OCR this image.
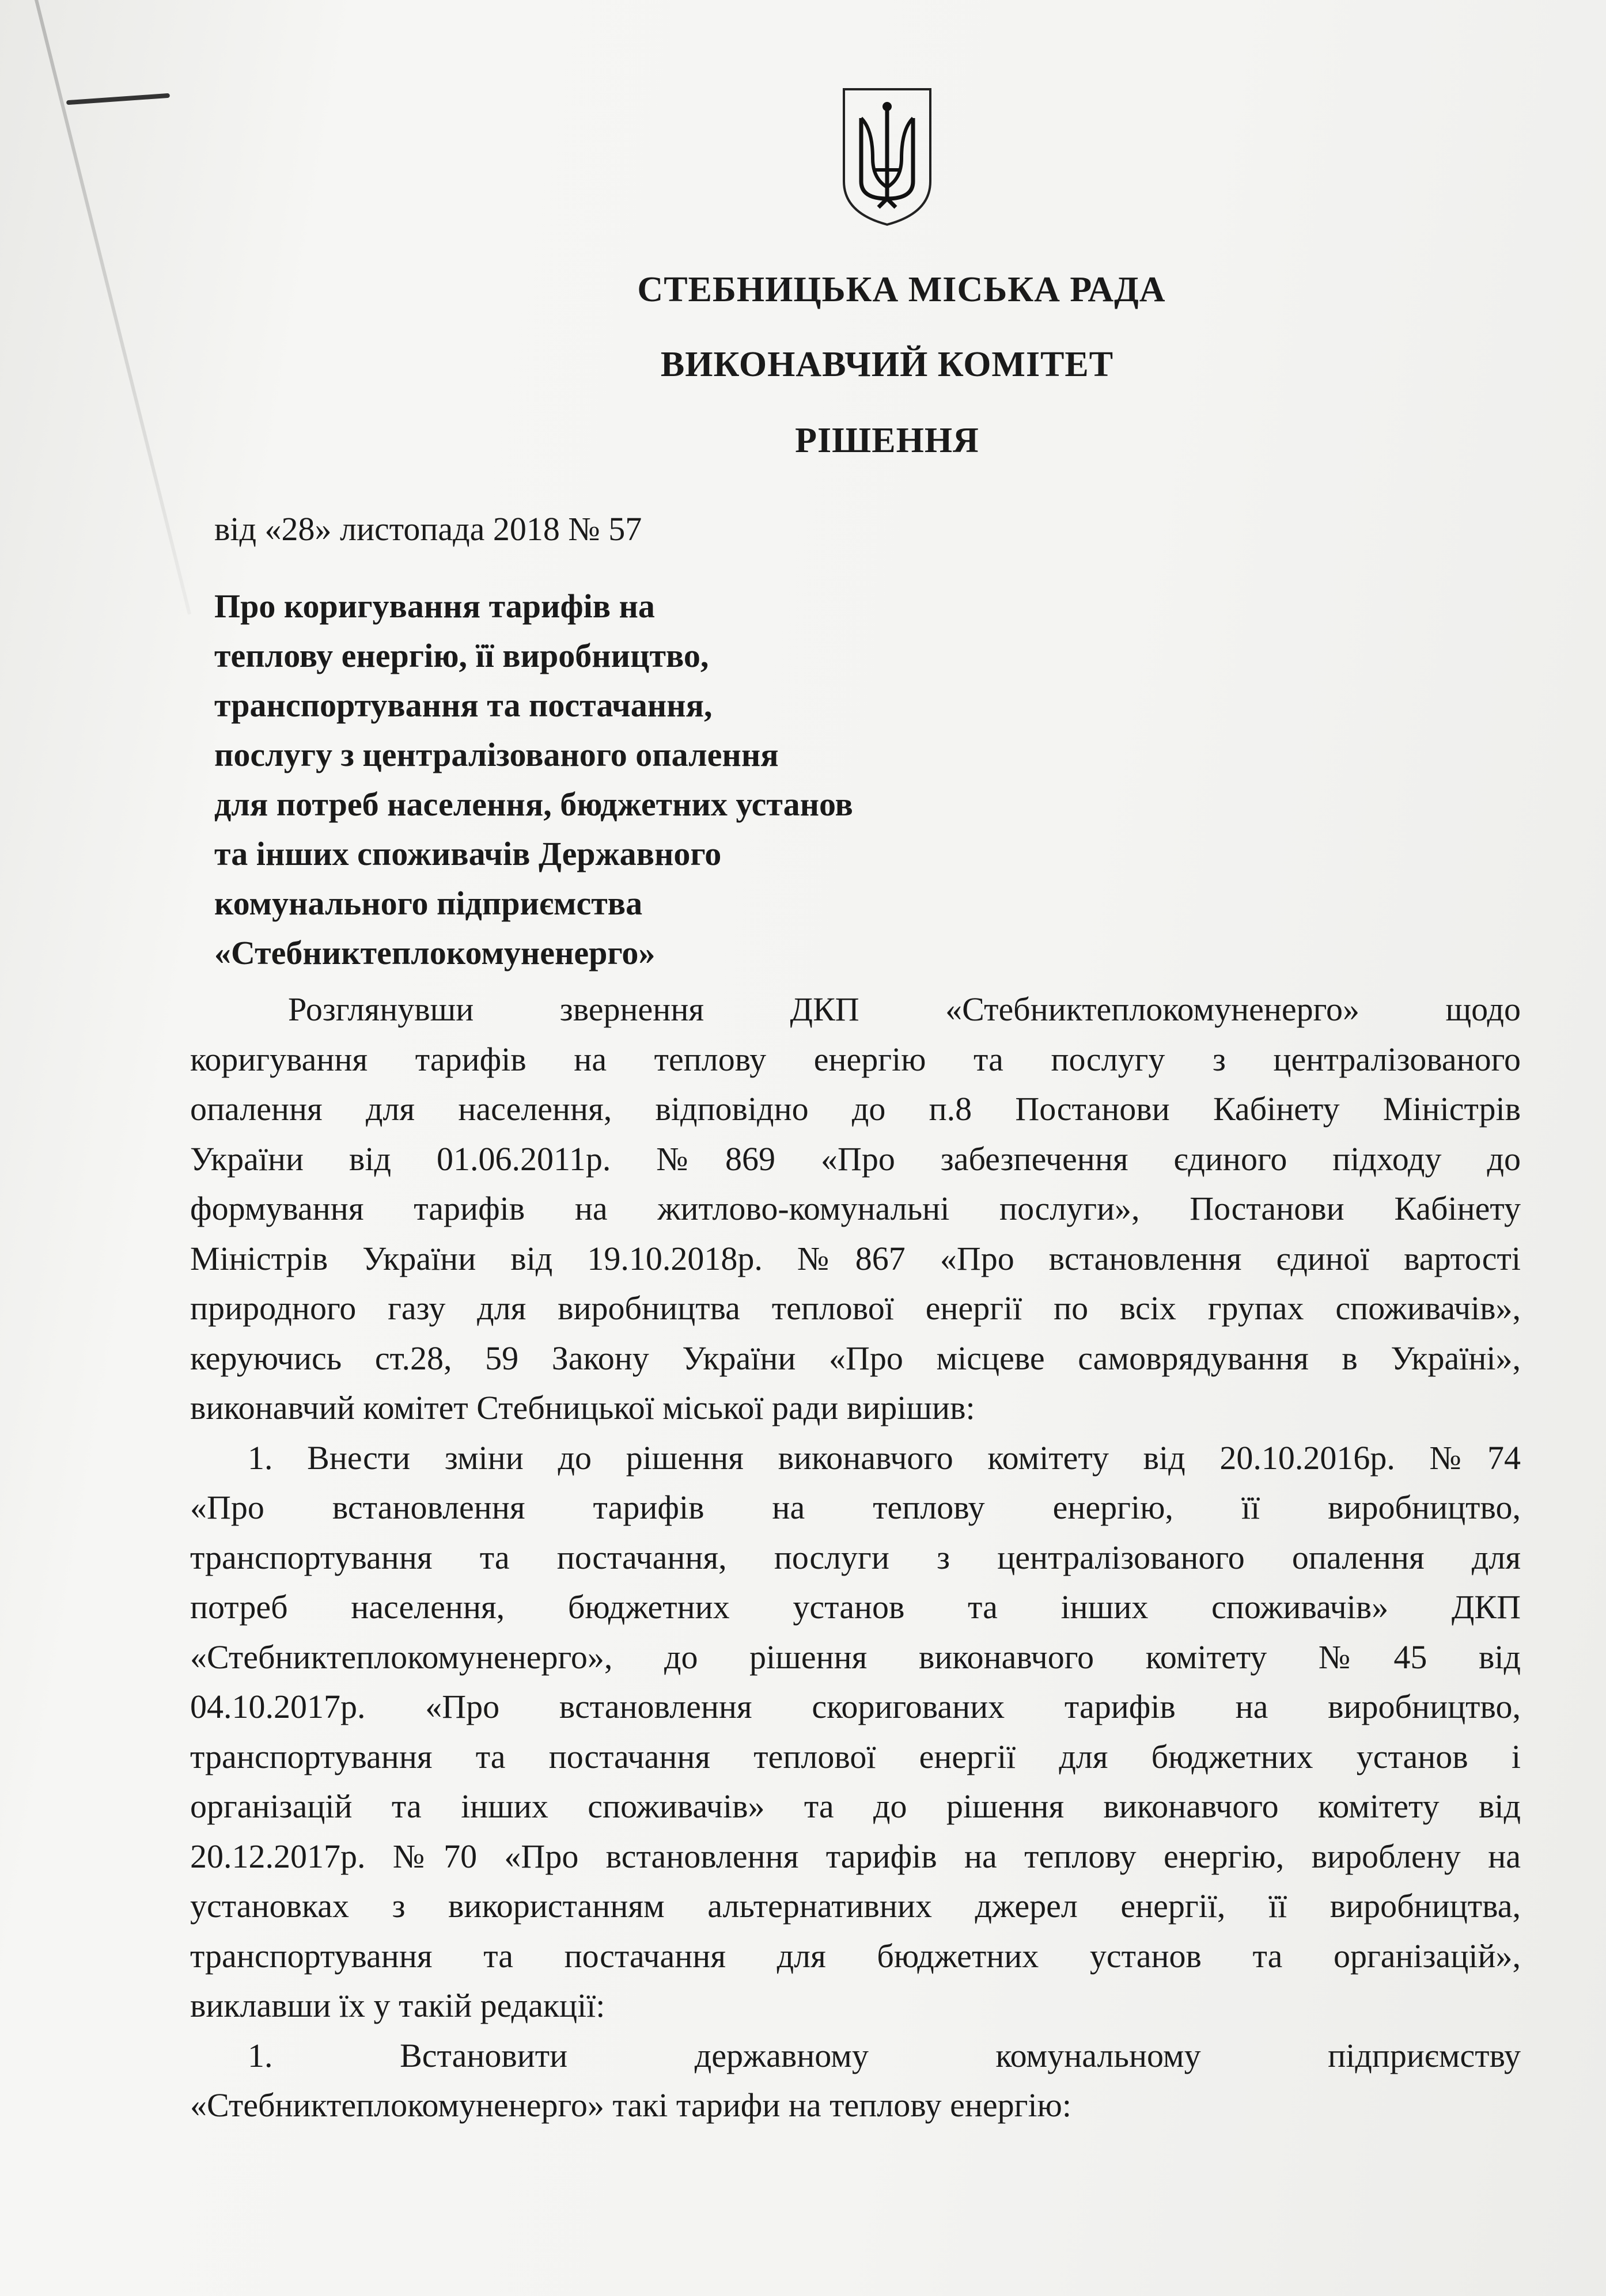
СТЕБНИЦЬКА МІСЬКА РАДА
ВИКОНАВЧИЙ КОМІТЕТ
РІШЕННЯ
від «28» листопада 2018 № 57
Про коригування тарифів на
теплову енергію, її виробництво,
транспортування та постачання,
послугу з централізованого опалення
для потреб населення, бюджетних установ
та інших споживачів Державного
комунального підприємства
«Стебниктеплокомуненерго»
Розглянувши звернення ДКП «Стебниктеплокомуненерго» щодо
коригування тарифів на теплову енергію та послугу з централізованого
опалення для населення, відповідно до п.8 Постанови Кабінету Міністрів
України від 01.06.2011р. №869 «Про забезпечення єдиного підходу до
формування тарифів на житлово-комунальні послуги», Постанови Кабінету
Міністрів України від 19.10.2018р. №867 «Про встановлення єдиної вартості
природного газу для виробництва теплової енергії по всіх групах споживачів»,
керуючись ст.28, 59 Закону України «Про місцеве самоврядування в Україні»,
виконавчий комітет Стебницької міської ради вирішив:
1. Внести зміни до рішення виконавчого комітету від 20.10.2016р. №74
«Про встановлення тарифів на теплову енергію, її виробництво,
транспортування та постачання, послуги з централізованого опалення для
потреб населення, бюджетних установ та інших споживачів» ДКП
«Стебниктеплокомуненерго», до рішення виконавчого комітету №45 від
04.10.2017р. «Про встановлення скоригованих тарифів на виробництво,
транспортування та постачання теплової енергії для бюджетних установ і
організацій та інших споживачів» та до рішення виконавчого комітету від
20.12.2017р. №70 «Про встановлення тарифів на теплову енергію, вироблену на
установках з використанням альтернативних джерел енергії, її виробництва,
транспортування та постачання для бюджетних установ та організацій»,
виклавши їх у такій редакції:
1. Встановити державному комунальному підприємству
«Стебниктеплокомуненерго» такі тарифи на теплову енергію:
